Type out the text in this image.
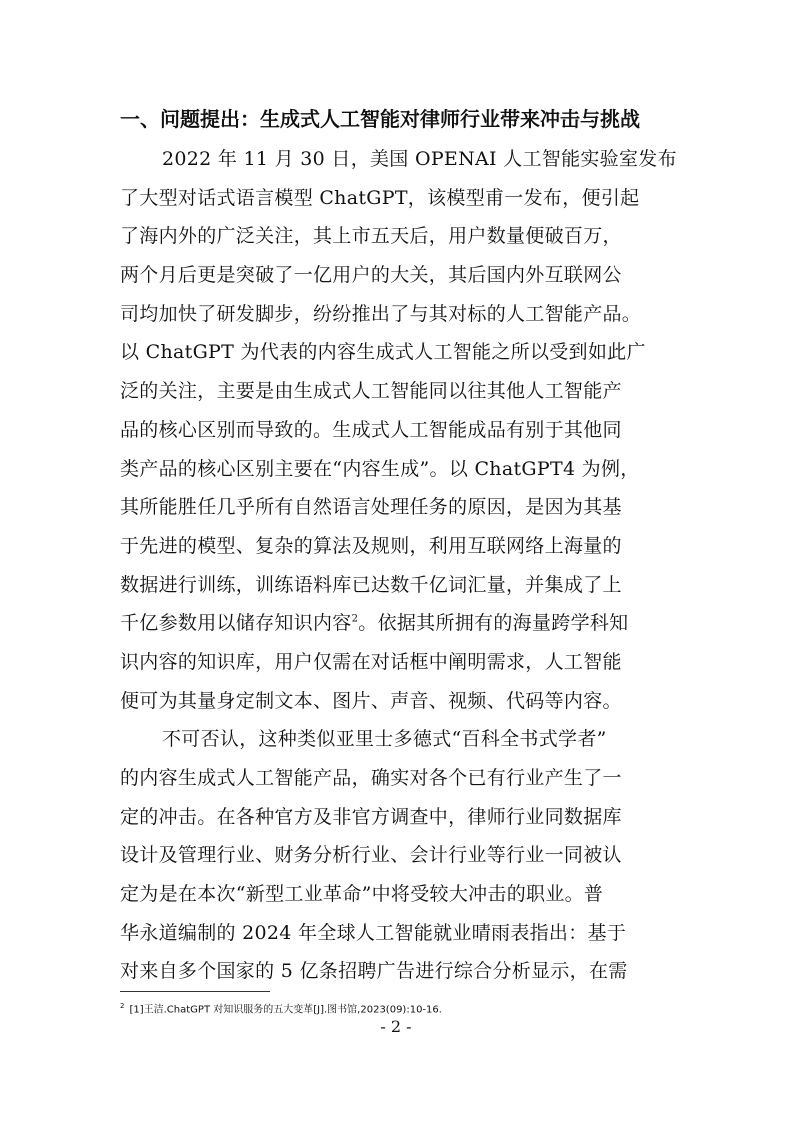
一、问题提出：生成式人工智能对律师行业带来冲击与挑战
2022 年 11 月 30 日，美国 OPENAI 人工智能实验室发布
了大型对话式语言模型 ChatGPT，该模型甫一发布，便引起
了海内外的广泛关注，其上市五天后，用户数量便破百万，
两个月后更是突破了一亿用户的大关，其后国内外互联网公
司均加快了研发脚步，纷纷推出了与其对标的人工智能产品。
以 ChatGPT 为代表的内容生成式人工智能之所以受到如此广
泛的关注，主要是由生成式人工智能同以往其他人工智能产
品的核心区别而导致的。生成式人工智能成品有别于其他同
类产品的核心区别主要在“内容生成”。以 ChatGPT4 为例，
其所能胜任几乎所有自然语言处理任务的原因，是因为其基
于先进的模型、复杂的算法及规则，利用互联网络上海量的
数据进行训练，训练语料库已达数千亿词汇量，并集成了上
千亿参数用以储存知识内容$^2$。依据其所拥有的海量跨学科知
识内容的知识库，用户仅需在对话框中阐明需求，人工智能
便可为其量身定制文本、图片、声音、视频、代码等内容。
不可否认，这种类似亚里士多德式“百科全书式学者”
的内容生成式人工智能产品，确实对各个已有行业产生了一
定的冲击。在各种官方及非官方调查中，律师行业同数据库
设计及管理行业、财务分析行业、会计行业等行业一同被认
定为是在本次“新型工业革命”中将受较大冲击的职业。普
华永道编制的 2024 年全球人工智能就业晴雨表指出：基于
对来自多个国家的 5 亿条招聘广告进行综合分析显示，在需
$^2$ [1]王洁.ChatGPT 对知识服务的五大变革[J].图书馆,2023(09):10-16.
- 2 -
